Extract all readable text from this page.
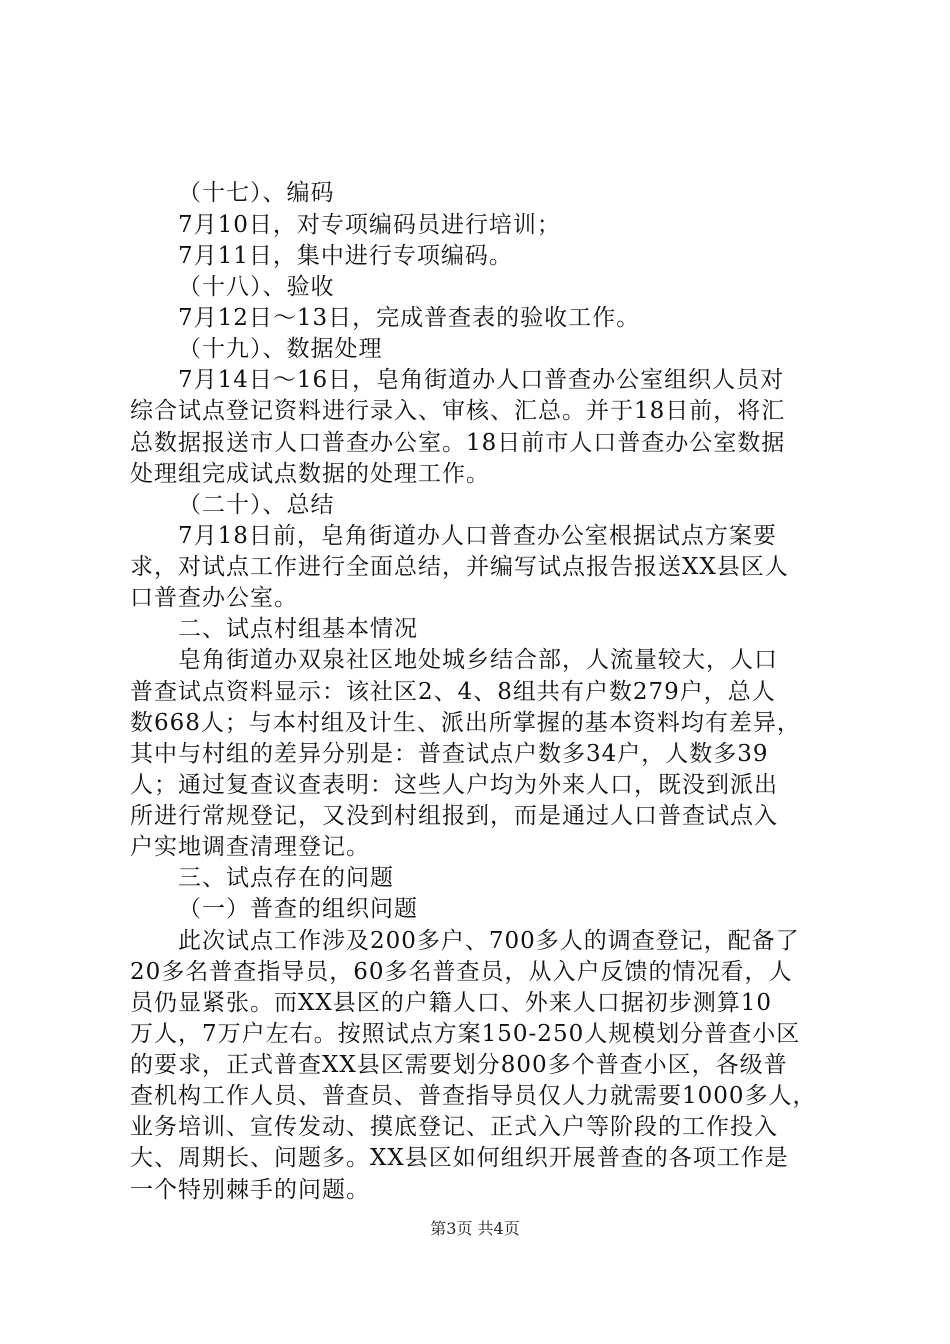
（十七）、编码
7月10日，对专项编码员进行培训；
7月11日，集中进行专项编码。
（十八）、验收
7月12日～13日，完成普查表的验收工作。
（十九）、数据处理
7月14日～16日，皂角街道办人口普查办公室组织人员对
综合试点登记资料进行录入、审核、汇总。并于18日前，将汇
总数据报送市人口普查办公室。18日前市人口普查办公室数据
处理组完成试点数据的处理工作。
（二十）、总结
7月18日前，皂角街道办人口普查办公室根据试点方案要
求，对试点工作进行全面总结，并编写试点报告报送XX县区人
口普查办公室。
二、试点村组基本情况
皂角街道办双泉社区地处城乡结合部，人流量较大，人口
普查试点资料显示：该社区2、4、8组共有户数279户，总人
数668人；与本村组及计生、派出所掌握的基本资料均有差异，
其中与村组的差异分别是：普查试点户数多34户，人数多39
人；通过复查议查表明：这些人户均为外来人口，既没到派出
所进行常规登记，又没到村组报到，而是通过人口普查试点入
户实地调查清理登记。
三、试点存在的问题
（一）普查的组织问题
此次试点工作涉及200多户、700多人的调查登记，配备了
20多名普查指导员，60多名普查员，从入户反馈的情况看，人
员仍显紧张。而XX县区的户籍人口、外来人口据初步测算10
万人，7万户左右。按照试点方案150-250人规模划分普查小区
的要求，正式普查XX县区需要划分800多个普查小区，各级普
查机构工作人员、普查员、普查指导员仅人力就需要1000多人，
业务培训、宣传发动、摸底登记、正式入户等阶段的工作投入
大、周期长、问题多。XX县区如何组织开展普查的各项工作是
一个特别棘手的问题。
第3页 共4页
